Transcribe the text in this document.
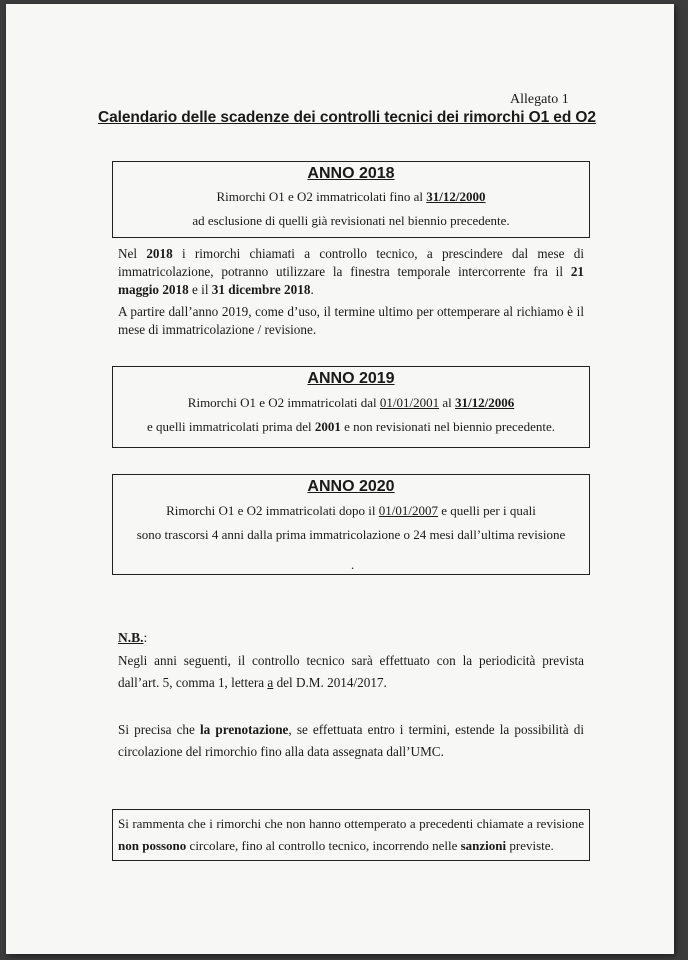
Allegato 1
Calendario delle scadenze dei controlli tecnici dei rimorchi O1 ed O2
ANNO 2018
Rimorchi O1 e O2 immatricolati fino al 31/12/2000
ad esclusione di quelli già revisionati nel biennio precedente.
Nel 2018 i rimorchi chiamati a controllo tecnico, a prescindere dal mese di immatricolazione, potranno utilizzare la finestra temporale intercorrente fra il 21 maggio 2018 e il 31 dicembre 2018.
A partire dall’anno 2019, come d’uso, il termine ultimo per ottemperare al richiamo è il mese di immatricolazione / revisione.
ANNO 2019
Rimorchi O1 e O2 immatricolati dal 01/01/2001 al 31/12/2006
e quelli immatricolati prima del 2001 e non revisionati nel biennio precedente.
ANNO 2020
Rimorchi O1 e O2 immatricolati dopo il 01/01/2007 e quelli per i quali
sono trascorsi 4 anni dalla prima immatricolazione o 24 mesi dall’ultima revisione
.
N.B.:
Negli anni seguenti, il controllo tecnico sarà effettuato con la periodicità prevista dall’art. 5, comma 1, lettera a del D.M. 2014/2017.
Si precisa che la prenotazione, se effettuata entro i termini, estende la possibilità di circolazione del rimorchio fino alla data assegnata dall’UMC.
Si rammenta che i rimorchi che non hanno ottemperato a precedenti chiamate a revisione non possono circolare, fino al controllo tecnico, incorrendo nelle sanzioni previste.
